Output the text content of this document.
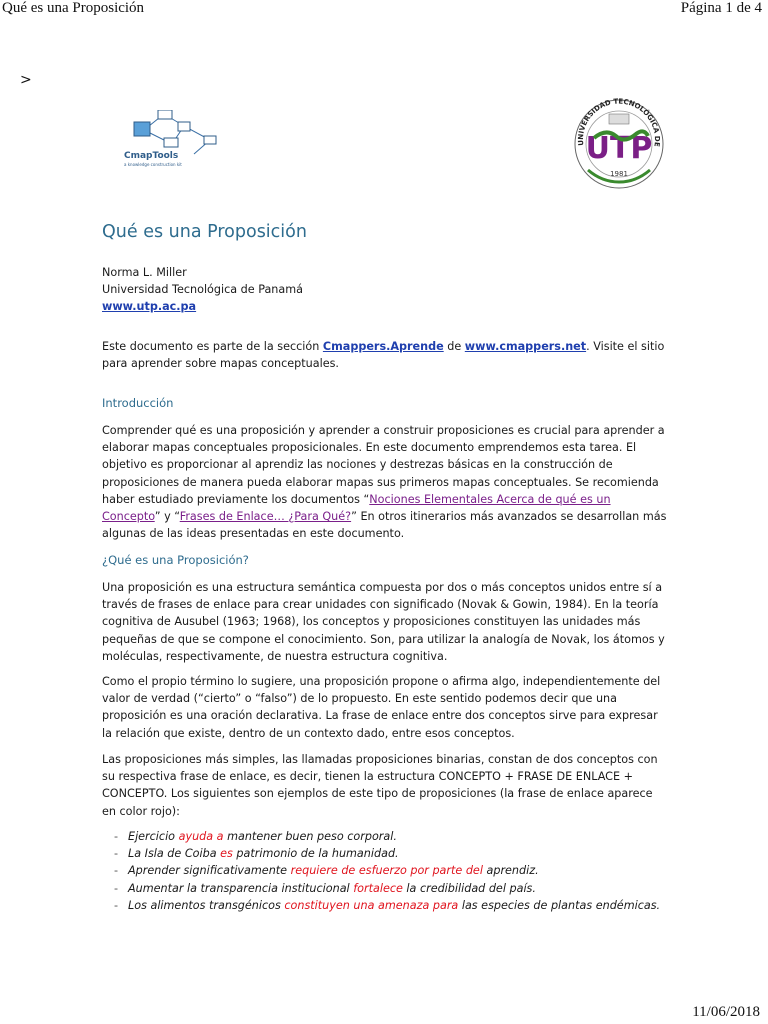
Qué es una Proposición	Página 1 de 4
>
CmapTools
a knowledge construction kit
UNIVERSIDAD TECNOLÓGICA DE
UTP
1981
Qué es una Proposición
Norma L. Miller
Universidad Tecnológica de Panamá
www.utp.ac.pa

Este documento es parte de la sección Cmappers.Aprende de www.cmappers.net. Visite el sitio para aprender sobre mapas conceptuales.

Introducción

Comprender qué es una proposición y aprender a construir proposiciones es crucial para aprender a elaborar mapas conceptuales proposicionales. En este documento emprendemos esta tarea. El objetivo es proporcionar al aprendiz las nociones y destrezas básicas en la construcción de proposiciones de manera pueda elaborar mapas sus primeros mapas conceptuales. Se recomienda haber estudiado previamente los documentos “Nociones Elementales Acerca de qué es un Concepto” y “Frases de Enlace… ¿Para Qué?” En otros itinerarios más avanzados se desarrollan más algunas de las ideas presentadas en este documento.

¿Qué es una Proposición?

Una proposición es una estructura semántica compuesta por dos o más conceptos unidos entre sí a través de frases de enlace para crear unidades con significado (Novak & Gowin, 1984). En la teoría cognitiva de Ausubel (1963; 1968), los conceptos y proposiciones constituyen las unidades más pequeñas de que se compone el conocimiento. Son, para utilizar la analogía de Novak, los átomos y moléculas, respectivamente, de nuestra estructura cognitiva.

Como el propio término lo sugiere, una proposición propone o afirma algo, independientemente del valor de verdad (“cierto” o “falso”) de lo propuesto. En este sentido podemos decir que una proposición es una oración declarativa. La frase de enlace entre dos conceptos sirve para expresar la relación que existe, dentro de un contexto dado, entre esos conceptos.

Las proposiciones más simples, las llamadas proposiciones binarias, constan de dos conceptos con su respectiva frase de enlace, es decir, tienen la estructura CONCEPTO + FRASE DE ENLACE + CONCEPTO. Los siguientes son ejemplos de este tipo de proposiciones (la frase de enlace aparece en color rojo):

- Ejercicio ayuda a mantener buen peso corporal.
- La Isla de Coiba es patrimonio de la humanidad.
- Aprender significativamente requiere de esfuerzo por parte del aprendiz.
- Aumentar la transparencia institucional fortalece la credibilidad del país.
- Los alimentos transgénicos constituyen una amenaza para las especies de plantas endémicas.
11/06/2018
